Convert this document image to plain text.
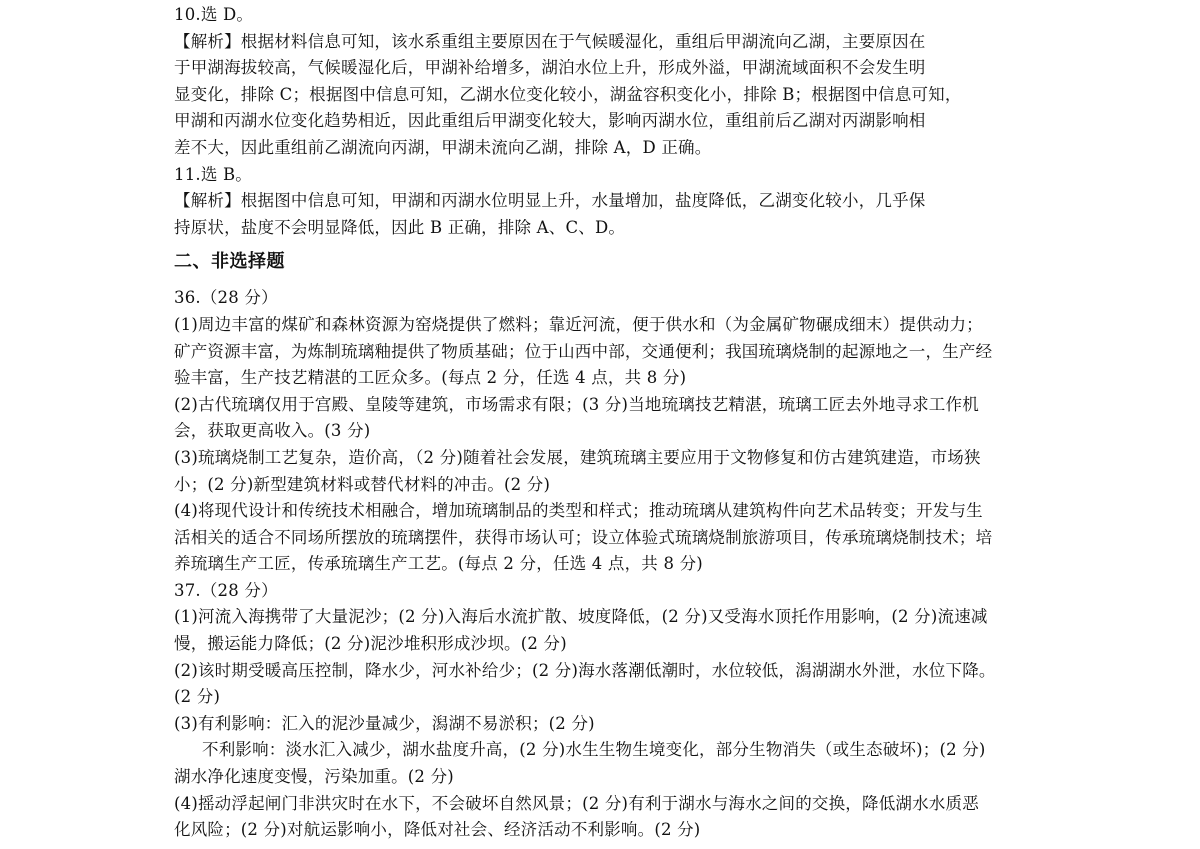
10.选 D。
【解析】根据材料信息可知，该水系重组主要原因在于气候暖湿化，重组后甲湖流向乙湖，主要原因在
于甲湖海拔较高，气候暖湿化后，甲湖补给增多，湖泊水位上升，形成外溢，甲湖流域面积不会发生明
显变化，排除 C；根据图中信息可知，乙湖水位变化较小，湖盆容积变化小，排除 B；根据图中信息可知，
甲湖和丙湖水位变化趋势相近，因此重组后甲湖变化较大，影响丙湖水位，重组前后乙湖对丙湖影响相
差不大，因此重组前乙湖流向丙湖，甲湖未流向乙湖，排除 A，D 正确。
11.选 B。
【解析】根据图中信息可知，甲湖和丙湖水位明显上升，水量增加，盐度降低，乙湖变化较小，几乎保
持原状，盐度不会明显降低，因此 B 正确，排除 A、C、D。
二、非选择题
36.（28 分）
(1)周边丰富的煤矿和森林资源为窑烧提供了燃料；靠近河流，便于供水和（为金属矿物碾成细末）提供动力；
矿产资源丰富，为炼制琉璃釉提供了物质基础；位于山西中部，交通便利；我国琉璃烧制的起源地之一，生产经
验丰富，生产技艺精湛的工匠众多。(每点 2 分，任选 4 点，共 8 分)
(2)古代琉璃仅用于宫殿、皇陵等建筑，市场需求有限；(3 分)当地琉璃技艺精湛，琉璃工匠去外地寻求工作机
会，获取更高收入。(3 分)
(3)琉璃烧制工艺复杂，造价高，（2 分)随着社会发展，建筑琉璃主要应用于文物修复和仿古建筑建造，市场狭
小；(2 分)新型建筑材料或替代材料的冲击。(2 分)
(4)将现代设计和传统技术相融合，增加琉璃制品的类型和样式；推动琉璃从建筑构件向艺术品转变；开发与生
活相关的适合不同场所摆放的琉璃摆件，获得市场认可；设立体验式琉璃烧制旅游项目，传承琉璃烧制技术；培
养琉璃生产工匠，传承琉璃生产工艺。(每点 2 分，任选 4 点，共 8 分)
37.（28 分）
(1)河流入海携带了大量泥沙；(2 分)入海后水流扩散、坡度降低，(2 分)又受海水顶托作用影响，(2 分)流速减
慢，搬运能力降低；(2 分)泥沙堆积形成沙坝。(2 分)
(2)该时期受暖高压控制，降水少，河水补给少；(2 分)海水落潮低潮时，水位较低，潟湖湖水外泄，水位下降。
(2 分)
(3)有利影响：汇入的泥沙量减少，潟湖不易淤积；(2 分)
不利影响：淡水汇入减少，湖水盐度升高，(2 分)水生生物生境变化，部分生物消失（或生态破坏)；(2 分)
湖水净化速度变慢，污染加重。(2 分)
(4)摇动浮起闸门非洪灾时在水下，不会破坏自然风景；(2 分)有利于湖水与海水之间的交换，降低湖水水质恶
化风险；(2 分)对航运影响小，降低对社会、经济活动不利影响。(2 分)
